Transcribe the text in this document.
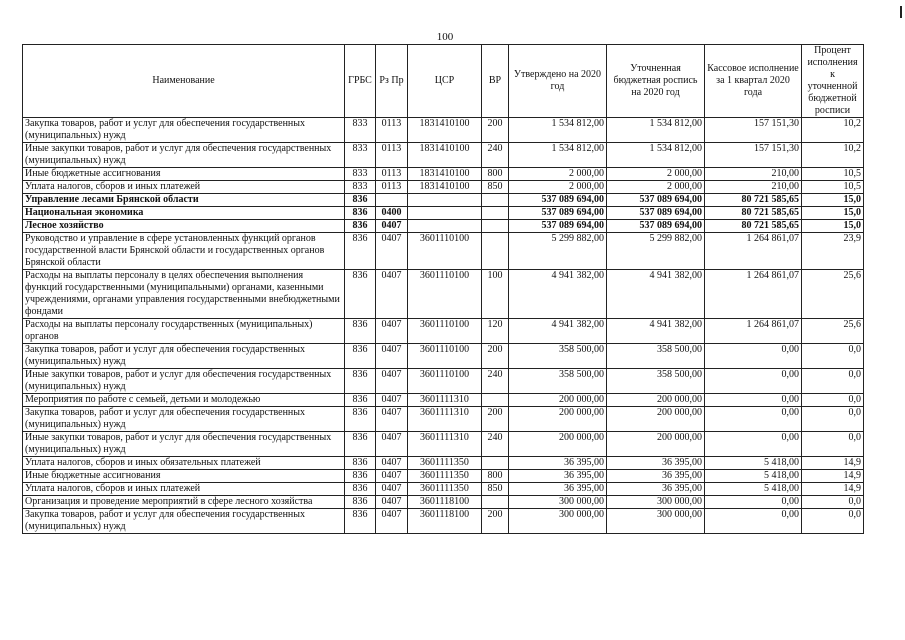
100
Наименование	ГРБС	Рз Пр	ЦСР	ВР	Утверждено на 2020 год	Уточненная бюджетная роспись на 2020 год	Кассовое исполнение за 1 квартал 2020 года	Процент исполнения к уточненной бюджетной росписи
Закупка товаров, работ и услуг для обеспечения государственных (муниципальных) нужд	833	0113	1831410100	200	1 534 812,00	1 534 812,00	157 151,30	10,2
Иные закупки товаров, работ и услуг для обеспечения государственных (муниципальных) нужд	833	0113	1831410100	240	1 534 812,00	1 534 812,00	157 151,30	10,2
Иные бюджетные ассигнования	833	0113	1831410100	800	2 000,00	2 000,00	210,00	10,5
Уплата налогов, сборов и иных платежей	833	0113	1831410100	850	2 000,00	2 000,00	210,00	10,5
Управление лесами Брянской области	836				537 089 694,00	537 089 694,00	80 721 585,65	15,0
Национальная экономика	836	0400			537 089 694,00	537 089 694,00	80 721 585,65	15,0
Лесное хозяйство	836	0407			537 089 694,00	537 089 694,00	80 721 585,65	15,0
Руководство и управление в сфере установленных функций органов государственной власти Брянской области и государственных органов Брянской области	836	0407	3601110100		5 299 882,00	5 299 882,00	1 264 861,07	23,9
Расходы на выплаты персоналу в целях обеспечения выполнения функций государственными (муниципальными) органами, казенными учреждениями, органами управления государственными внебюджетными фондами	836	0407	3601110100	100	4 941 382,00	4 941 382,00	1 264 861,07	25,6
Расходы на выплаты персоналу государственных (муниципальных) органов	836	0407	3601110100	120	4 941 382,00	4 941 382,00	1 264 861,07	25,6
Закупка товаров, работ и услуг для обеспечения государственных (муниципальных) нужд	836	0407	3601110100	200	358 500,00	358 500,00	0,00	0,0
Иные закупки товаров, работ и услуг для обеспечения государственных (муниципальных) нужд	836	0407	3601110100	240	358 500,00	358 500,00	0,00	0,0
Мероприятия по работе с семьей, детьми и молодежью	836	0407	3601111310		200 000,00	200 000,00	0,00	0,0
Закупка товаров, работ и услуг для обеспечения государственных (муниципальных) нужд	836	0407	3601111310	200	200 000,00	200 000,00	0,00	0,0
Иные закупки товаров, работ и услуг для обеспечения государственных (муниципальных) нужд	836	0407	3601111310	240	200 000,00	200 000,00	0,00	0,0
Уплата налогов, сборов и иных обязательных платежей	836	0407	3601111350		36 395,00	36 395,00	5 418,00	14,9
Иные бюджетные ассигнования	836	0407	3601111350	800	36 395,00	36 395,00	5 418,00	14,9
Уплата налогов, сборов и иных платежей	836	0407	3601111350	850	36 395,00	36 395,00	5 418,00	14,9
Организация и проведение мероприятий в сфере лесного хозяйства	836	0407	3601118100		300 000,00	300 000,00	0,00	0,0
Закупка товаров, работ и услуг для обеспечения государственных (муниципальных) нужд	836	0407	3601118100	200	300 000,00	300 000,00	0,00	0,0
